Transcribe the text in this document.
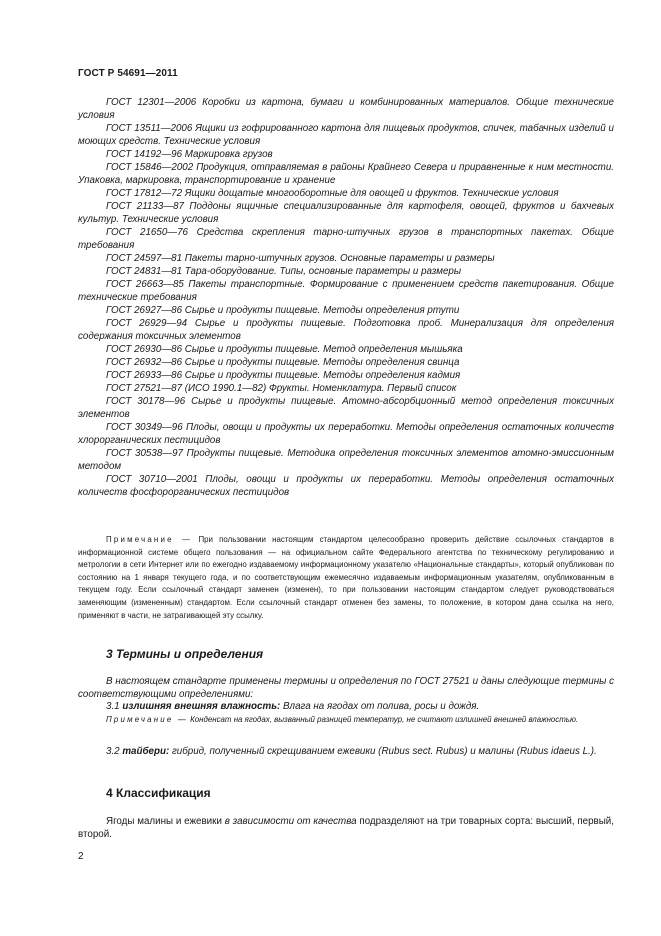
ГОСТ Р 54691—2011

ГОСТ 12301—2006 Коробки из картона, бумаги и комбинированных материалов. Общие технические условия

ГОСТ 13511—2006 Ящики из гофрированного картона для пищевых продуктов, спичек, табачных изделий и моющих средств. Технические условия

ГОСТ 14192—96 Маркировка грузов

ГОСТ 15846—2002 Продукция, отправляемая в районы Крайнего Севера и приравненные к ним местности. Упаковка, маркировка, транспортирование и хранение

ГОСТ 17812—72 Ящики дощатые многооборотные для овощей и фруктов. Технические условия

ГОСТ 21133—87 Поддоны ящичные специализированные для картофеля, овощей, фруктов и бахчевых культур. Технические условия

ГОСТ 21650—76 Средства скрепления тарно-штучных грузов в транспортных пакетах. Общие требования

ГОСТ 24597—81 Пакеты тарно-штучных грузов. Основные параметры и размеры

ГОСТ 24831—81 Тара-оборудование. Типы, основные параметры и размеры

ГОСТ 26663—85 Пакеты транспортные. Формирование с применением средств пакетирования. Общие технические требования

ГОСТ 26927—86 Сырье и продукты пищевые. Методы определения ртути

ГОСТ 26929—94 Сырье и продукты пищевые. Подготовка проб. Минерализация для определения содержания токсичных элементов

ГОСТ 26930—86 Сырье и продукты пищевые. Метод определения мышьяка

ГОСТ 26932—86 Сырье и продукты пищевые. Методы определения свинца

ГОСТ 26933—86 Сырье и продукты пищевые. Методы определения кадмия

ГОСТ 27521—87 (ИСО 1990.1—82) Фрукты. Номенклатура. Первый список

ГОСТ 30178—96 Сырье и продукты пищевые. Атомно-абсорбционный метод определения токсичных элементов

ГОСТ 30349—96 Плоды, овощи и продукты их переработки. Методы определения остаточных количеств хлорорганических пестицидов

ГОСТ 30538—97 Продукты пищевые. Методика определения токсичных элементов атомно-эмиссионным методом

ГОСТ 30710—2001 Плоды, овощи и продукты их переработки. Методы определения остаточных количеств фосфорорганических пестицидов

Примечание — При пользовании настоящим стандартом целесообразно проверить действие ссылочных стандартов в информационной системе общего пользования — на официальном сайте Федерального агентства по техническому регулированию и метрологии в сети Интернет или по ежегодно издаваемому информационному указателю «Национальные стандарты», который опубликован по состоянию на 1 января текущего года, и по соответствующим ежемесячно издаваемым информационным указателям, опубликованным в текущем году. Если ссылочный стандарт заменен (изменен), то при пользовании настоящим стандартом следует руководствоваться заменяющим (измененным) стандартом. Если ссылочный стандарт отменен без замены, то положение, в котором дана ссылка на него, применяют в части, не затрагивающей эту ссылку.

3 Термины и определения

В настоящем стандарте применены термины и определения по ГОСТ 27521 и даны следующие термины с соответствующими определениями:

3.1 излишняя внешняя влажность: Влага на ягодах от полива, росы и дождя.

Примечание — Конденсат на ягодах, вызванный разницей температур, не считают излишней внешней влажностью.

3.2 тайбери: гибрид, полученный скрещиванием ежевики (Rubus sect. Rubus) и малины (Rubus idaeus L.).

4 Классификация

Ягоды малины и ежевики в зависимости от качества подразделяют на три товарных сорта: высший, первый, второй.

2
